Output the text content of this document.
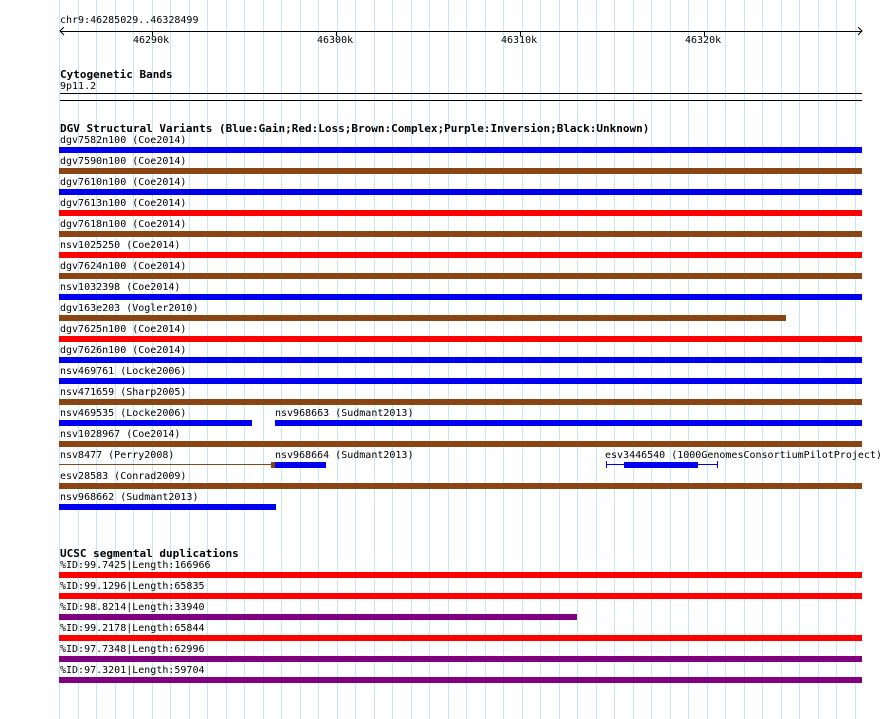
chr9:46285029..46328499
46290k	46300k	46310k	46320k
Cytogenetic Bands
9p11.2
DGV Structural Variants (Blue:Gain;Red:Loss;Brown:Complex;Purple:Inversion;Black:Unknown)
dgv7582n100 (Coe2014)
dgv7590n100 (Coe2014)
dgv7610n100 (Coe2014)
dgv7613n100 (Coe2014)
dgv7618n100 (Coe2014)
nsv1025250 (Coe2014)
dgv7624n100 (Coe2014)
nsv1032398 (Coe2014)
dgv163e203 (Vogler2010)
dgv7625n100 (Coe2014)
dgv7626n100 (Coe2014)
nsv469761 (Locke2006)
nsv471659 (Sharp2005)
nsv469535 (Locke2006)	nsv968663 (Sudmant2013)
nsv1028967 (Coe2014)
nsv8477 (Perry2008)	nsv968664 (Sudmant2013)	esv3446540 (1000GenomesConsortiumPilotProject)
esv28583 (Conrad2009)
nsv968662 (Sudmant2013)
UCSC segmental duplications
%ID:99.7425|Length:166966
%ID:99.1296|Length:65835
%ID:98.8214|Length:33940
%ID:99.2178|Length:65844
%ID:97.7348|Length:62996
%ID:97.3201|Length:59704
